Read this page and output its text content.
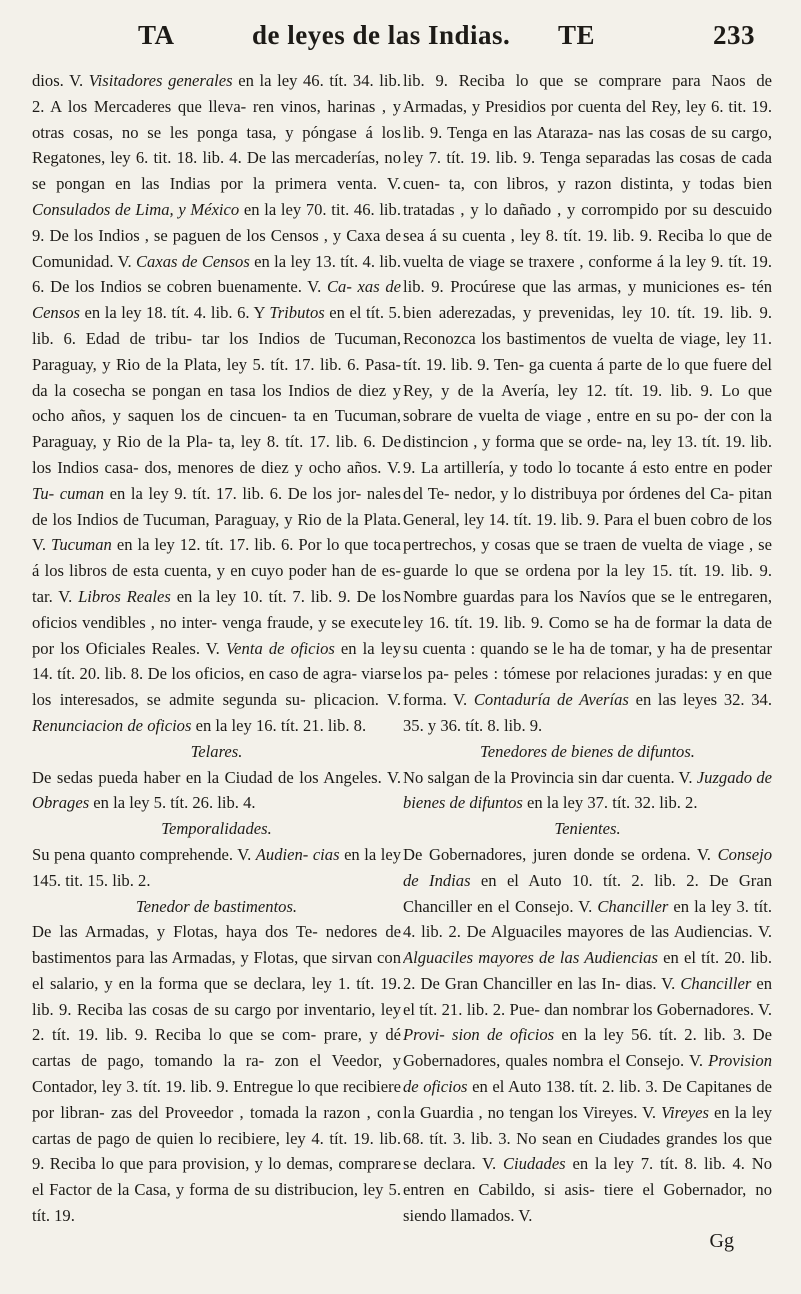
TA	de leyes de las Indias. TE	233

dios. V. Visitadores generales en la ley 46. tít. 34. lib. 2. A los Mercaderes que lleva- ren vinos, harinas , y otras cosas, no se les ponga tasa, y póngase á los Regatones, ley 6. tit. 18. lib. 4. De las mercaderías, no se pongan en las Indias por la primera venta. V. Consulados de Lima, y México en la ley 70. tit. 46. lib. 9. De los Indios , se paguen de los Censos , y Caxa de Comunidad. V. Caxas de Censos en la ley 13. tít. 4. lib. 6. De los Indios se cobren buenamente. V. Ca- xas de Censos en la ley 18. tít. 4. lib. 6. Y Tributos en el tít. 5. lib. 6. Edad de tribu- tar los Indios de Tucuman, Paraguay, y Rio de la Plata, ley 5. tít. 17. lib. 6. Pasa- da la cosecha se pongan en tasa los Indios de diez y ocho años, y saquen los de cincuen- ta en Tucuman, Paraguay, y Rio de la Pla- ta, ley 8. tít. 17. lib. 6. De los Indios casa- dos, menores de diez y ocho años. V. Tu- cuman en la ley 9. tít. 17. lib. 6. De los jor- nales de los Indios de Tucuman, Paraguay, y Rio de la Plata. V. Tucuman en la ley 12. tít. 17. lib. 6. Por lo que toca á los libros de esta cuenta, y en cuyo poder han de es- tar. V. Libros Reales en la ley 10. tít. 7. lib. 9. De los oficios vendibles , no inter- venga fraude, y se execute por los Oficiales Reales. V. Venta de oficios en la ley 14. tít. 20. lib. 8. De los oficios, en caso de agra- viarse los interesados, se admite segunda su- plicacion. V. Renunciacion de oficios en la ley 16. tít. 21. lib. 8.

Telares.

De sedas pueda haber en la Ciudad de los Angeles. V. Obrages en la ley 5. tít. 26. lib. 4.

Temporalidades.

Su pena quanto comprehende. V. Audien- cias en la ley 145. tit. 15. lib. 2.

Tenedor de bastimentos.

De las Armadas, y Flotas, haya dos Te- nedores de bastimentos para las Armadas, y Flotas, que sirvan con el salario, y en la forma que se declara, ley 1. tít. 19. lib. 9. Reciba las cosas de su cargo por inventario, ley 2. tít. 19. lib. 9. Reciba lo que se com- prare, y dé cartas de pago, tomando la ra- zon el Veedor, y Contador, ley 3. tít. 19. lib. 9. Entregue lo que recibiere por libran- zas del Proveedor , tomada la razon , con cartas de pago de quien lo recibiere, ley 4. tít. 19. lib. 9. Reciba lo que para provision, y lo demas, comprare el Factor de la Casa, y forma de su distribucion, ley 5. tít. 19.

lib. 9. Reciba lo que se comprare para Naos de Armadas, y Presidios por cuenta del Rey, ley 6. tit. 19. lib. 9. Tenga en las Ataraza- nas las cosas de su cargo, ley 7. tít. 19. lib. 9. Tenga separadas las cosas de cada cuen- ta, con libros, y razon distinta, y todas bien tratadas , y lo dañado , y corrompido por su descuido sea á su cuenta , ley 8. tít. 19. lib. 9. Reciba lo que de vuelta de viage se traxere , conforme á la ley 9. tít. 19. lib. 9. Procúrese que las armas, y municiones es- tén bien aderezadas, y prevenidas, ley 10. tít. 19. lib. 9. Reconozca los bastimentos de vuelta de viage, ley 11. tít. 19. lib. 9. Ten- ga cuenta á parte de lo que fuere del Rey, y de la Avería, ley 12. tít. 19. lib. 9. Lo que sobrare de vuelta de viage , entre en su po- der con la distincion , y forma que se orde- na, ley 13. tít. 19. lib. 9. La artillería, y todo lo tocante á esto entre en poder del Te- nedor, y lo distribuya por órdenes del Ca- pitan General, ley 14. tít. 19. lib. 9. Para el buen cobro de los pertrechos, y cosas que se traen de vuelta de viage , se guarde lo que se ordena por la ley 15. tít. 19. lib. 9. Nombre guardas para los Navíos que se le entregaren, ley 16. tít. 19. lib. 9. Como se ha de formar la data de su cuenta : quando se le ha de tomar, y ha de presentar los pa- peles : tómese por relaciones juradas: y en que forma. V. Contaduría de Averías en las leyes 32. 34. 35. y 36. tít. 8. lib. 9.

Tenedores de bienes de difuntos.

No salgan de la Provincia sin dar cuenta. V. Juzgado de bienes de difuntos en la ley 37. tít. 32. lib. 2.

Tenientes.

De Gobernadores, juren donde se ordena. V. Consejo de Indias en el Auto 10. tít. 2. lib. 2. De Gran Chanciller en el Consejo. V. Chanciller en la ley 3. tít. 4. lib. 2. De Alguaciles mayores de las Audiencias. V. Alguaciles mayores de las Audiencias en el tít. 20. lib. 2. De Gran Chanciller en las In- dias. V. Chanciller en el tít. 21. lib. 2. Pue- dan nombrar los Gobernadores. V. Provi- sion de oficios en la ley 56. tít. 2. lib. 3. De Gobernadores, quales nombra el Consejo. V. Provision de oficios en el Auto 138. tít. 2. lib. 3. De Capitanes de la Guardia , no tengan los Vireyes. V. Vireyes en la ley 68. tít. 3. lib. 3. No sean en Ciudades grandes los que se declara. V. Ciudades en la ley 7. tít. 8. lib. 4. No entren en Cabildo, si asis- tiere el Gobernador, no siendo llamados. V.

Gg
